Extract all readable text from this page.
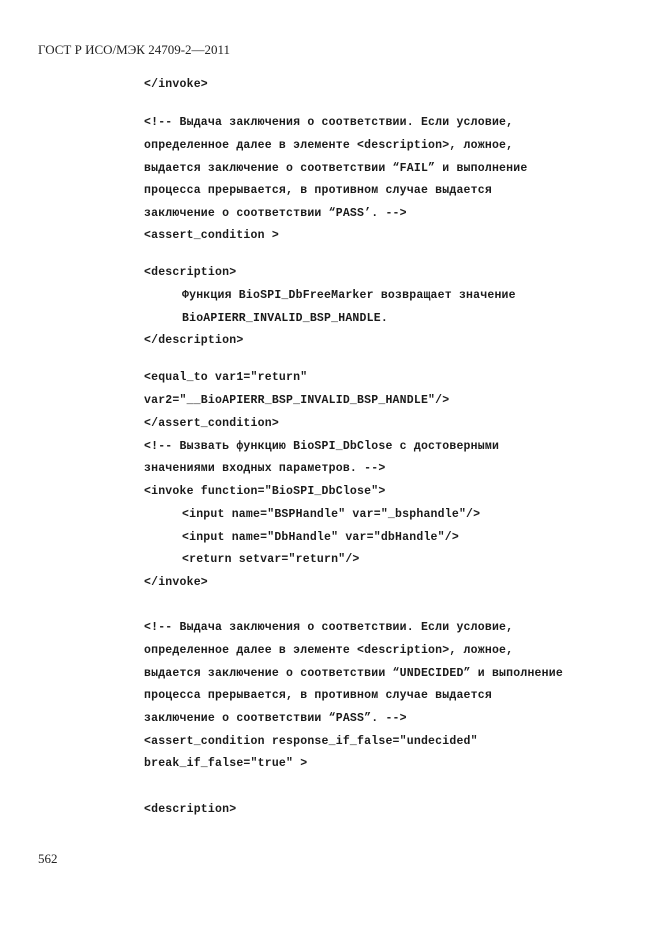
ГОСТ Р ИСО/МЭК 24709-2—2011
</invoke>
<!-- Выдача заключения о соответствии. Если условие,
определенное далее в элементе <description>, ложное,
выдается заключение о соответствии “FAIL” и выполнение
процесса прерывается, в противном случае выдается
заключение о соответствии “PASS’. -->
<assert_condition >
<description>
Функция BioSPI_DbFreeMarker возвращает значение
BioAPIERR_INVALID_BSP_HANDLE.
</description>
<equal_to var1="return"
var2="__BioAPIERR_BSP_INVALID_BSP_HANDLE"/>
</assert_condition>
<!-- Вызвать функцию BioSPI_DbClose с достоверными
значениями входных параметров. -->
<invoke function="BioSPI_DbClose">
<input name="BSPHandle" var="_bsphandle"/>
<input name="DbHandle" var="dbHandle"/>
<return setvar="return"/>
</invoke>
<!-- Выдача заключения о соответствии. Если условие,
определенное далее в элементе <description>, ложное,
выдается заключение о соответствии “UNDECIDED” и выполнение
процесса прерывается, в противном случае выдается
заключение о соответствии “PASS”. -->
<assert_condition response_if_false="undecided"
break_if_false="true" >
<description>
562
